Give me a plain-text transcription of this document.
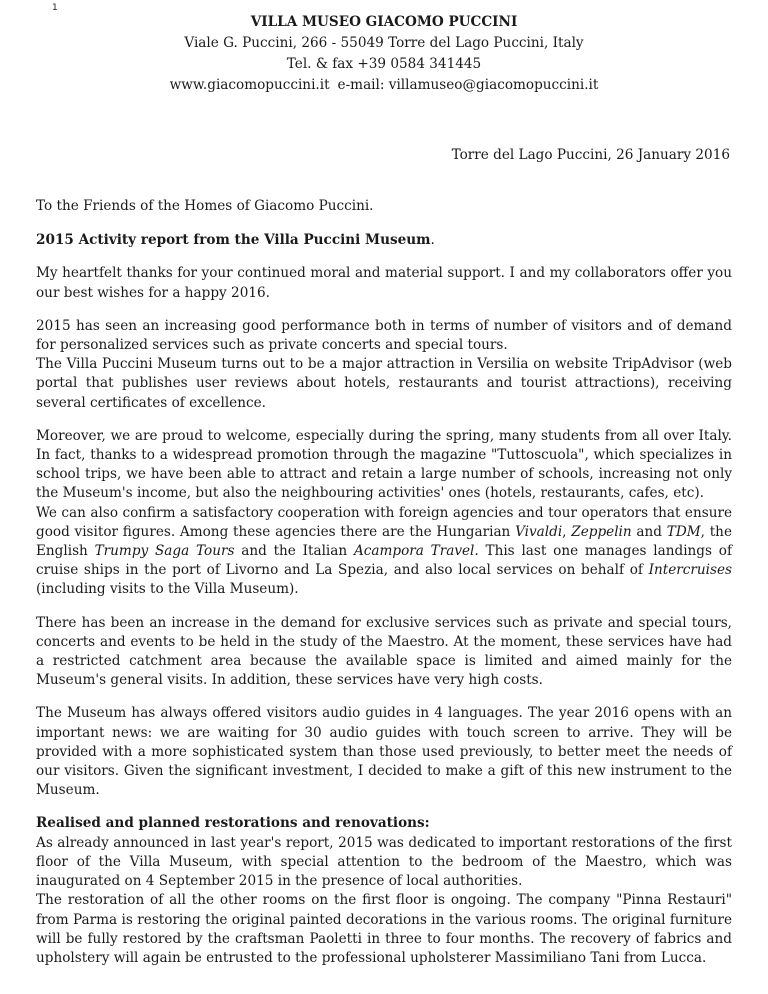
1
VILLA MUSEO GIACOMO PUCCINI
Viale G. Puccini, 266 - 55049 Torre del Lago Puccini, Italy
Tel. & fax +39 0584 341445
www.giacomopuccini.it e-mail: villamuseo@giacomopuccini.it
Torre del Lago Puccini, 26 January 2016

To the Friends of the Homes of Giacomo Puccini.

2015 Activity report from the Villa Puccini Museum.

My heartfelt thanks for your continued moral and material support. I and my collaborators offer you our best wishes for a happy 2016.

2015 has seen an increasing good performance both in terms of number of visitors and of demand for personalized services such as private concerts and special tours.

The Villa Puccini Museum turns out to be a major attraction in Versilia on website TripAdvisor (web portal that publishes user reviews about hotels, restaurants and tourist attractions), receiving several certificates of excellence.

Moreover, we are proud to welcome, especially during the spring, many students from all over Italy. In fact, thanks to a widespread promotion through the magazine "Tuttoscuola", which specializes in school trips, we have been able to attract and retain a large number of schools, increasing not only the Museum's income, but also the neighbouring activities' ones (hotels, restaurants, cafes, etc).

We can also confirm a satisfactory cooperation with foreign agencies and tour operators that ensure good visitor figures. Among these agencies there are the Hungarian Vivaldi, Zeppelin and TDM, the English Trumpy Saga Tours and the Italian Acampora Travel. This last one manages landings of cruise ships in the port of Livorno and La Spezia, and also local services on behalf of Intercruises (including visits to the Villa Museum).

There has been an increase in the demand for exclusive services such as private and special tours, concerts and events to be held in the study of the Maestro. At the moment, these services have had a restricted catchment area because the available space is limited and aimed mainly for the Museum's general visits. In addition, these services have very high costs.

The Museum has always offered visitors audio guides in 4 languages. The year 2016 opens with an important news: we are waiting for 30 audio guides with touch screen to arrive. They will be provided with a more sophisticated system than those used previously, to better meet the needs of our visitors. Given the significant investment, I decided to make a gift of this new instrument to the Museum.

Realised and planned restorations and renovations:

As already announced in last year's report, 2015 was dedicated to important restorations of the first floor of the Villa Museum, with special attention to the bedroom of the Maestro, which was inaugurated on 4 September 2015 in the presence of local authorities.

The restoration of all the other rooms on the first floor is ongoing. The company "Pinna Restauri" from Parma is restoring the original painted decorations in the various rooms. The original furniture will be fully restored by the craftsman Paoletti in three to four months. The recovery of fabrics and upholstery will again be entrusted to the professional upholsterer Massimiliano Tani from Lucca.
